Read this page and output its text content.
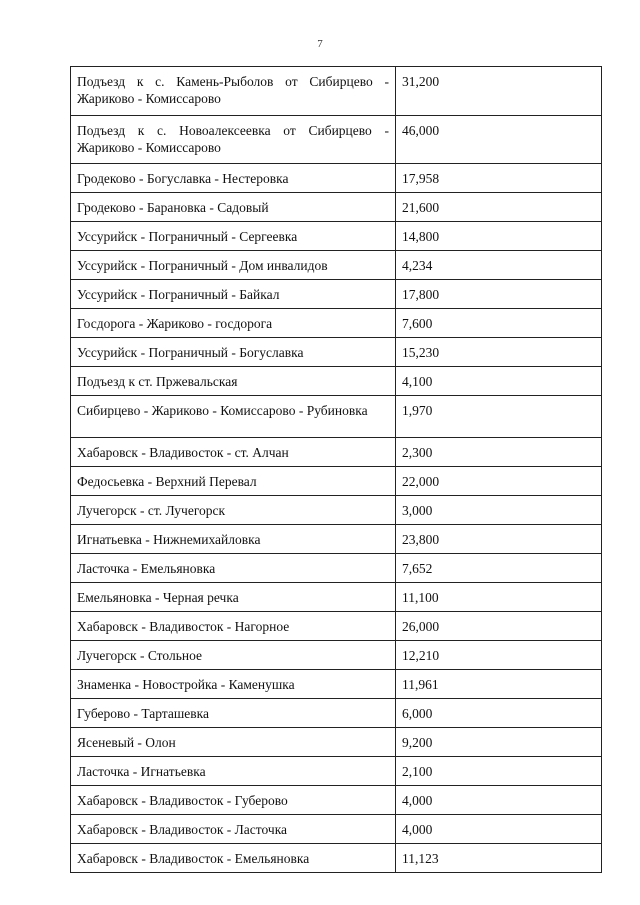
7
Подъезд к с. Камень-Рыболов от Сибирцево - Жариково - Комиссарово	31,200
Подъезд к с. Новоалексеевка от Сибирцево - Жариково - Комиссарово	46,000
Гродеково - Богуславка - Нестеровка	17,958
Гродеково - Барановка - Садовый	21,600
Уссурийск - Пограничный - Сергеевка	14,800
Уссурийск - Пограничный - Дом инвалидов	4,234
Уссурийск - Пограничный - Байкал	17,800
Госдорога - Жариково - госдорога	7,600
Уссурийск - Пограничный - Богуславка	15,230
Подъезд к ст. Пржевальская	4,100
Сибирцево - Жариково - Комиссарово - Рубиновка	1,970
Хабаровск - Владивосток - ст. Алчан	2,300
Федосьевка - Верхний Перевал	22,000
Лучегорск - ст. Лучегорск	3,000
Игнатьевка - Нижнемихайловка	23,800
Ласточка - Емельяновка	7,652
Емельяновка - Черная речка	11,100
Хабаровск - Владивосток - Нагорное	26,000
Лучегорск - Стольное	12,210
Знаменка - Новостройка - Каменушка	11,961
Губерово - Тарташевка	6,000
Ясеневый - Олон	9,200
Ласточка - Игнатьевка	2,100
Хабаровск - Владивосток - Губерово	4,000
Хабаровск - Владивосток - Ласточка	4,000
Хабаровск - Владивосток - Емельяновка	11,123
